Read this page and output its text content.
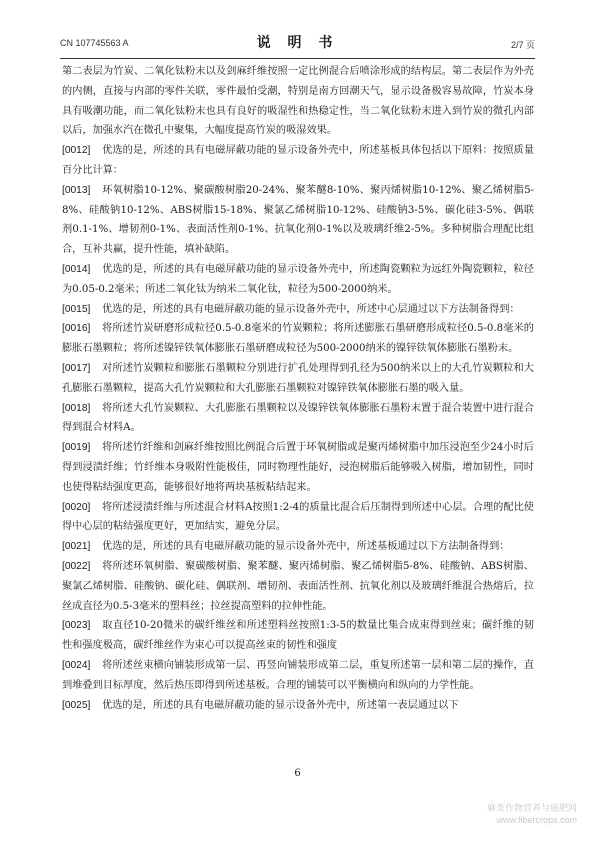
CN 107745563 A	说 明 书	2/7 页

第二表层为竹炭、二氧化钛粉末以及剑麻纤维按照一定比例混合后喷涂形成的结构层。第二表层作为外壳的内侧，直接与内部的零件关联，零件最怕受潮，特别是南方回潮天气，显示设备极容易故障，竹炭本身具有吸潮功能，而二氧化钛粉末也具有良好的吸湿性和热稳定性，当二氧化钛粉末进入到竹炭的微孔内部以后，加强水汽在微孔中聚集，大幅度提高竹炭的吸湿效果。

[0012] 优选的是，所述的具有电磁屏蔽功能的显示设备外壳中，所述基板具体包括以下原料：按照质量百分比计算：

[0013] 环氧树脂10-12%、聚碳酸树脂20-24%、聚苯醚8-10%、聚丙烯树脂10-12%、聚乙烯树脂5-8%、硅酸钠10-12%、ABS树脂15-18%、聚氯乙烯树脂10-12%、硅酸钠3-5%、碳化硅3-5%、偶联剂0.1-1%、增韧剂0-1%、表面活性剂0-1%、抗氧化剂0-1%以及玻璃纤维2-5%。多种树脂合理配比组合，互补共赢，提升性能，填补缺陷。

[0014] 优选的是，所述的具有电磁屏蔽功能的显示设备外壳中，所述陶瓷颗粒为远红外陶瓷颗粒，粒径为0.05-0.2毫米；所述二氧化钛为纳米二氧化钛，粒径为500-2000纳米。

[0015] 优选的是，所述的具有电磁屏蔽功能的显示设备外壳中，所述中心层通过以下方法制备得到：

[0016] 将所述竹炭研磨形成粒径0.5-0.8毫米的竹炭颗粒；将所述膨胀石墨研磨形成粒径0.5-0.8毫米的膨胀石墨颗粒；将所述镍锌铁氧体膨胀石墨研磨成粒径为500-2000纳米的镍锌铁氧体膨胀石墨粉末。

[0017] 对所述竹炭颗粒和膨胀石墨颗粒分别进行扩孔处理得到孔径为500纳米以上的大孔竹炭颗粒和大孔膨胀石墨颗粒，提高大孔竹炭颗粒和大孔膨胀石墨颗粒对镍锌铁氧体膨胀石墨的吸入量。

[0018] 将所述大孔竹炭颗粒、大孔膨胀石墨颗粒以及镍锌铁氧体膨胀石墨粉末置于混合装置中进行混合得到混合材料A。

[0019] 将所述竹纤维和剑麻纤维按照比例混合后置于环氧树脂或是聚丙烯树脂中加压浸泡至少24小时后得到浸渍纤维；竹纤维本身吸附性能极佳，同时物理性能好，浸泡树脂后能够吸入树脂，增加韧性，同时也使得粘结强度更高，能够很好地将两块基板粘结起来。

[0020] 将所述浸渍纤维与所述混合材料A按照1:2-4的质量比混合后压制得到所述中心层。合理的配比使得中心层的粘结强度更好，更加结实，避免分层。

[0021] 优选的是，所述的具有电磁屏蔽功能的显示设备外壳中，所述基板通过以下方法制备得到：

[0022] 将所述环氧树脂、聚碳酸树脂、聚苯醚、聚丙烯树脂、聚乙烯树脂5-8%、硅酸钠、ABS树脂、聚氯乙烯树脂、硅酸钠、碳化硅、偶联剂、增韧剂、表面活性剂、抗氧化剂以及玻璃纤维混合热熔后，拉丝成直径为0.5-3毫米的塑料丝；拉丝提高塑料的拉伸性能。

[0023] 取直径10-20微米的碳纤维丝和所述塑料丝按照1:3-5的数量比集合成束得到丝束；碳纤维的韧性和强度极高，碳纤维丝作为束心可以提高丝束的韧性和强度

[0024] 将所述丝束横向铺装形成第一层、再竖向铺装形成第二层，重复所述第一层和第二层的操作，直到堆叠到目标厚度，然后热压即得到所述基板。合理的铺装可以平衡横向和纵向的力学性能。

[0025] 优选的是，所述的具有电磁屏蔽功能的显示设备外壳中，所述第一表层通过以下

6
麻类作物营养与施肥网
www.fibercrops.com
